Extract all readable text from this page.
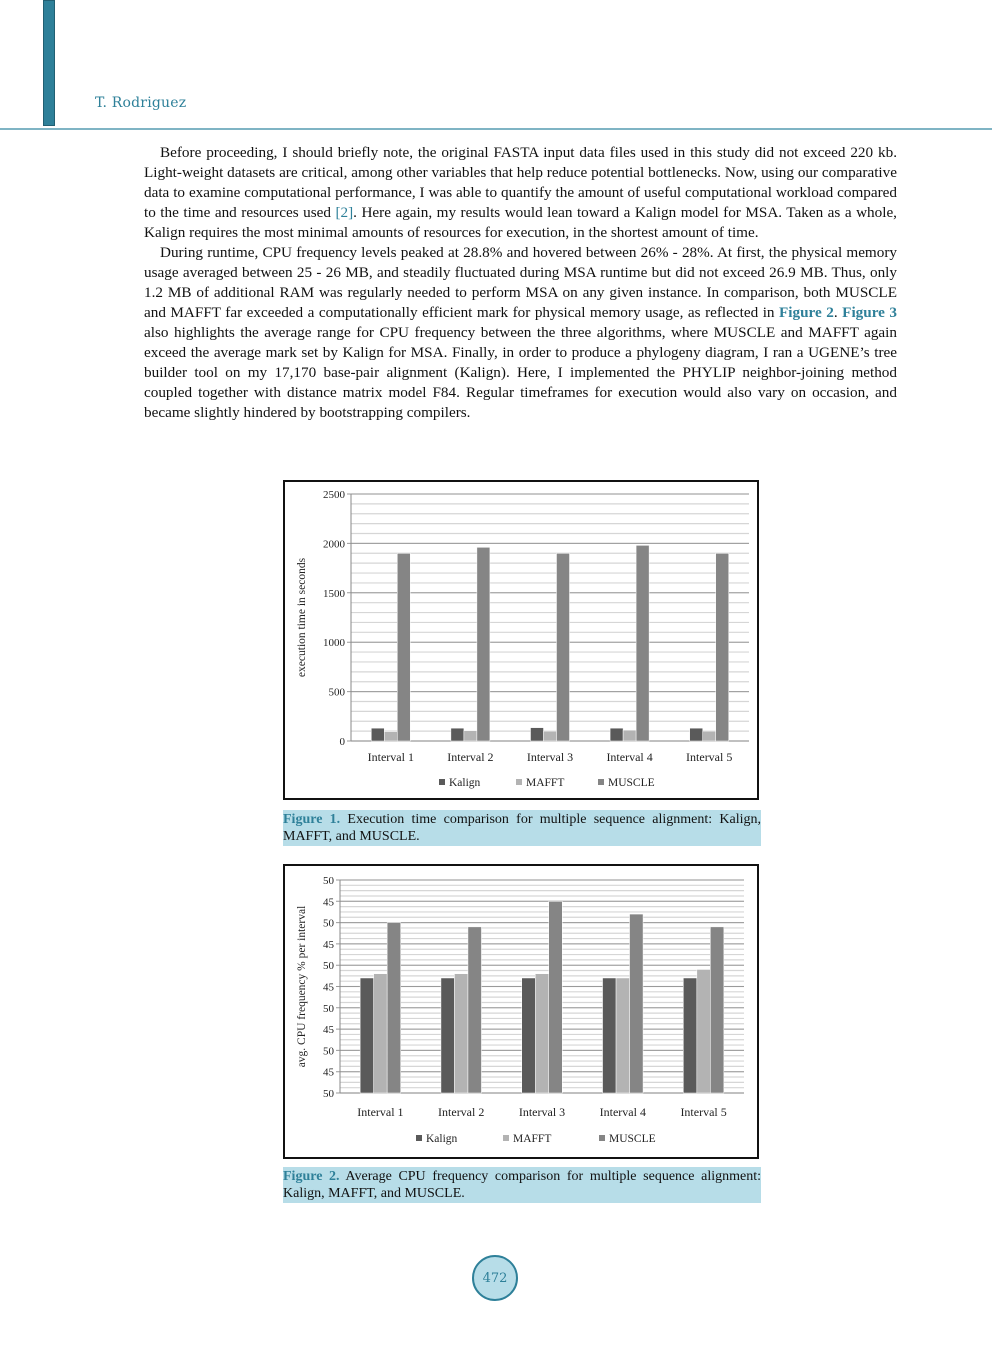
T. Rodriguez

Before proceeding, I should briefly note, the original FASTA input data files used in this study did not exceed 220 kb. Light-weight datasets are critical, among other variables that help reduce potential bottlenecks. Now, using our comparative data to examine computational performance, I was able to quantify the amount of useful computational workload compared to the time and resources used [2]. Here again, my results would lean toward a Kalign model for MSA. Taken as a whole, Kalign requires the most minimal amounts of resources for execution, in the shortest amount of time.

During runtime, CPU frequency levels peaked at 28.8% and hovered between 26% - 28%. At first, the physical memory usage averaged between 25 - 26 MB, and steadily fluctuated during MSA runtime but did not exceed 26.9 MB. Thus, only 1.2 MB of additional RAM was regularly needed to perform MSA on any given instance. In comparison, both MUSCLE and MAFFT far exceeded a computationally efficient mark for physical memory usage, as reflected in Figure 2. Figure 3 also highlights the average range for CPU frequency between the three algorithms, where MUSCLE and MAFFT again exceed the average mark set by Kalign for MSA. Finally, in order to produce a phylogeny diagram, I ran a UGENE’s tree builder tool on my 17,170 base-pair alignment (Kalign). Here, I implemented the PHYLIP neighbor-joining method coupled together with distance matrix model F84. Regular timeframes for execution would also vary on occasion, and became slightly hindered by bootstrapping compilers.

0
500
1000
1500
2000
2500
execution time in seconds
Interval 1	Interval 2	Interval 3	Interval 4	Interval 5
Kalign	MAFFT	MUSCLE
Figure 1. Execution time comparison for multiple sequence alignment: Kalign, MAFFT, and MUSCLE.
50
45
50
45
50
45
50
45
50
45
50
avg. CPU frequency % per interval
Interval 1	Interval 2	Interval 3	Interval 4	Interval 5
Kalign	MAFFT	MUSCLE
Figure 2. Average CPU frequency comparison for multiple sequence alignment: Kalign, MAFFT, and MUSCLE.
472
